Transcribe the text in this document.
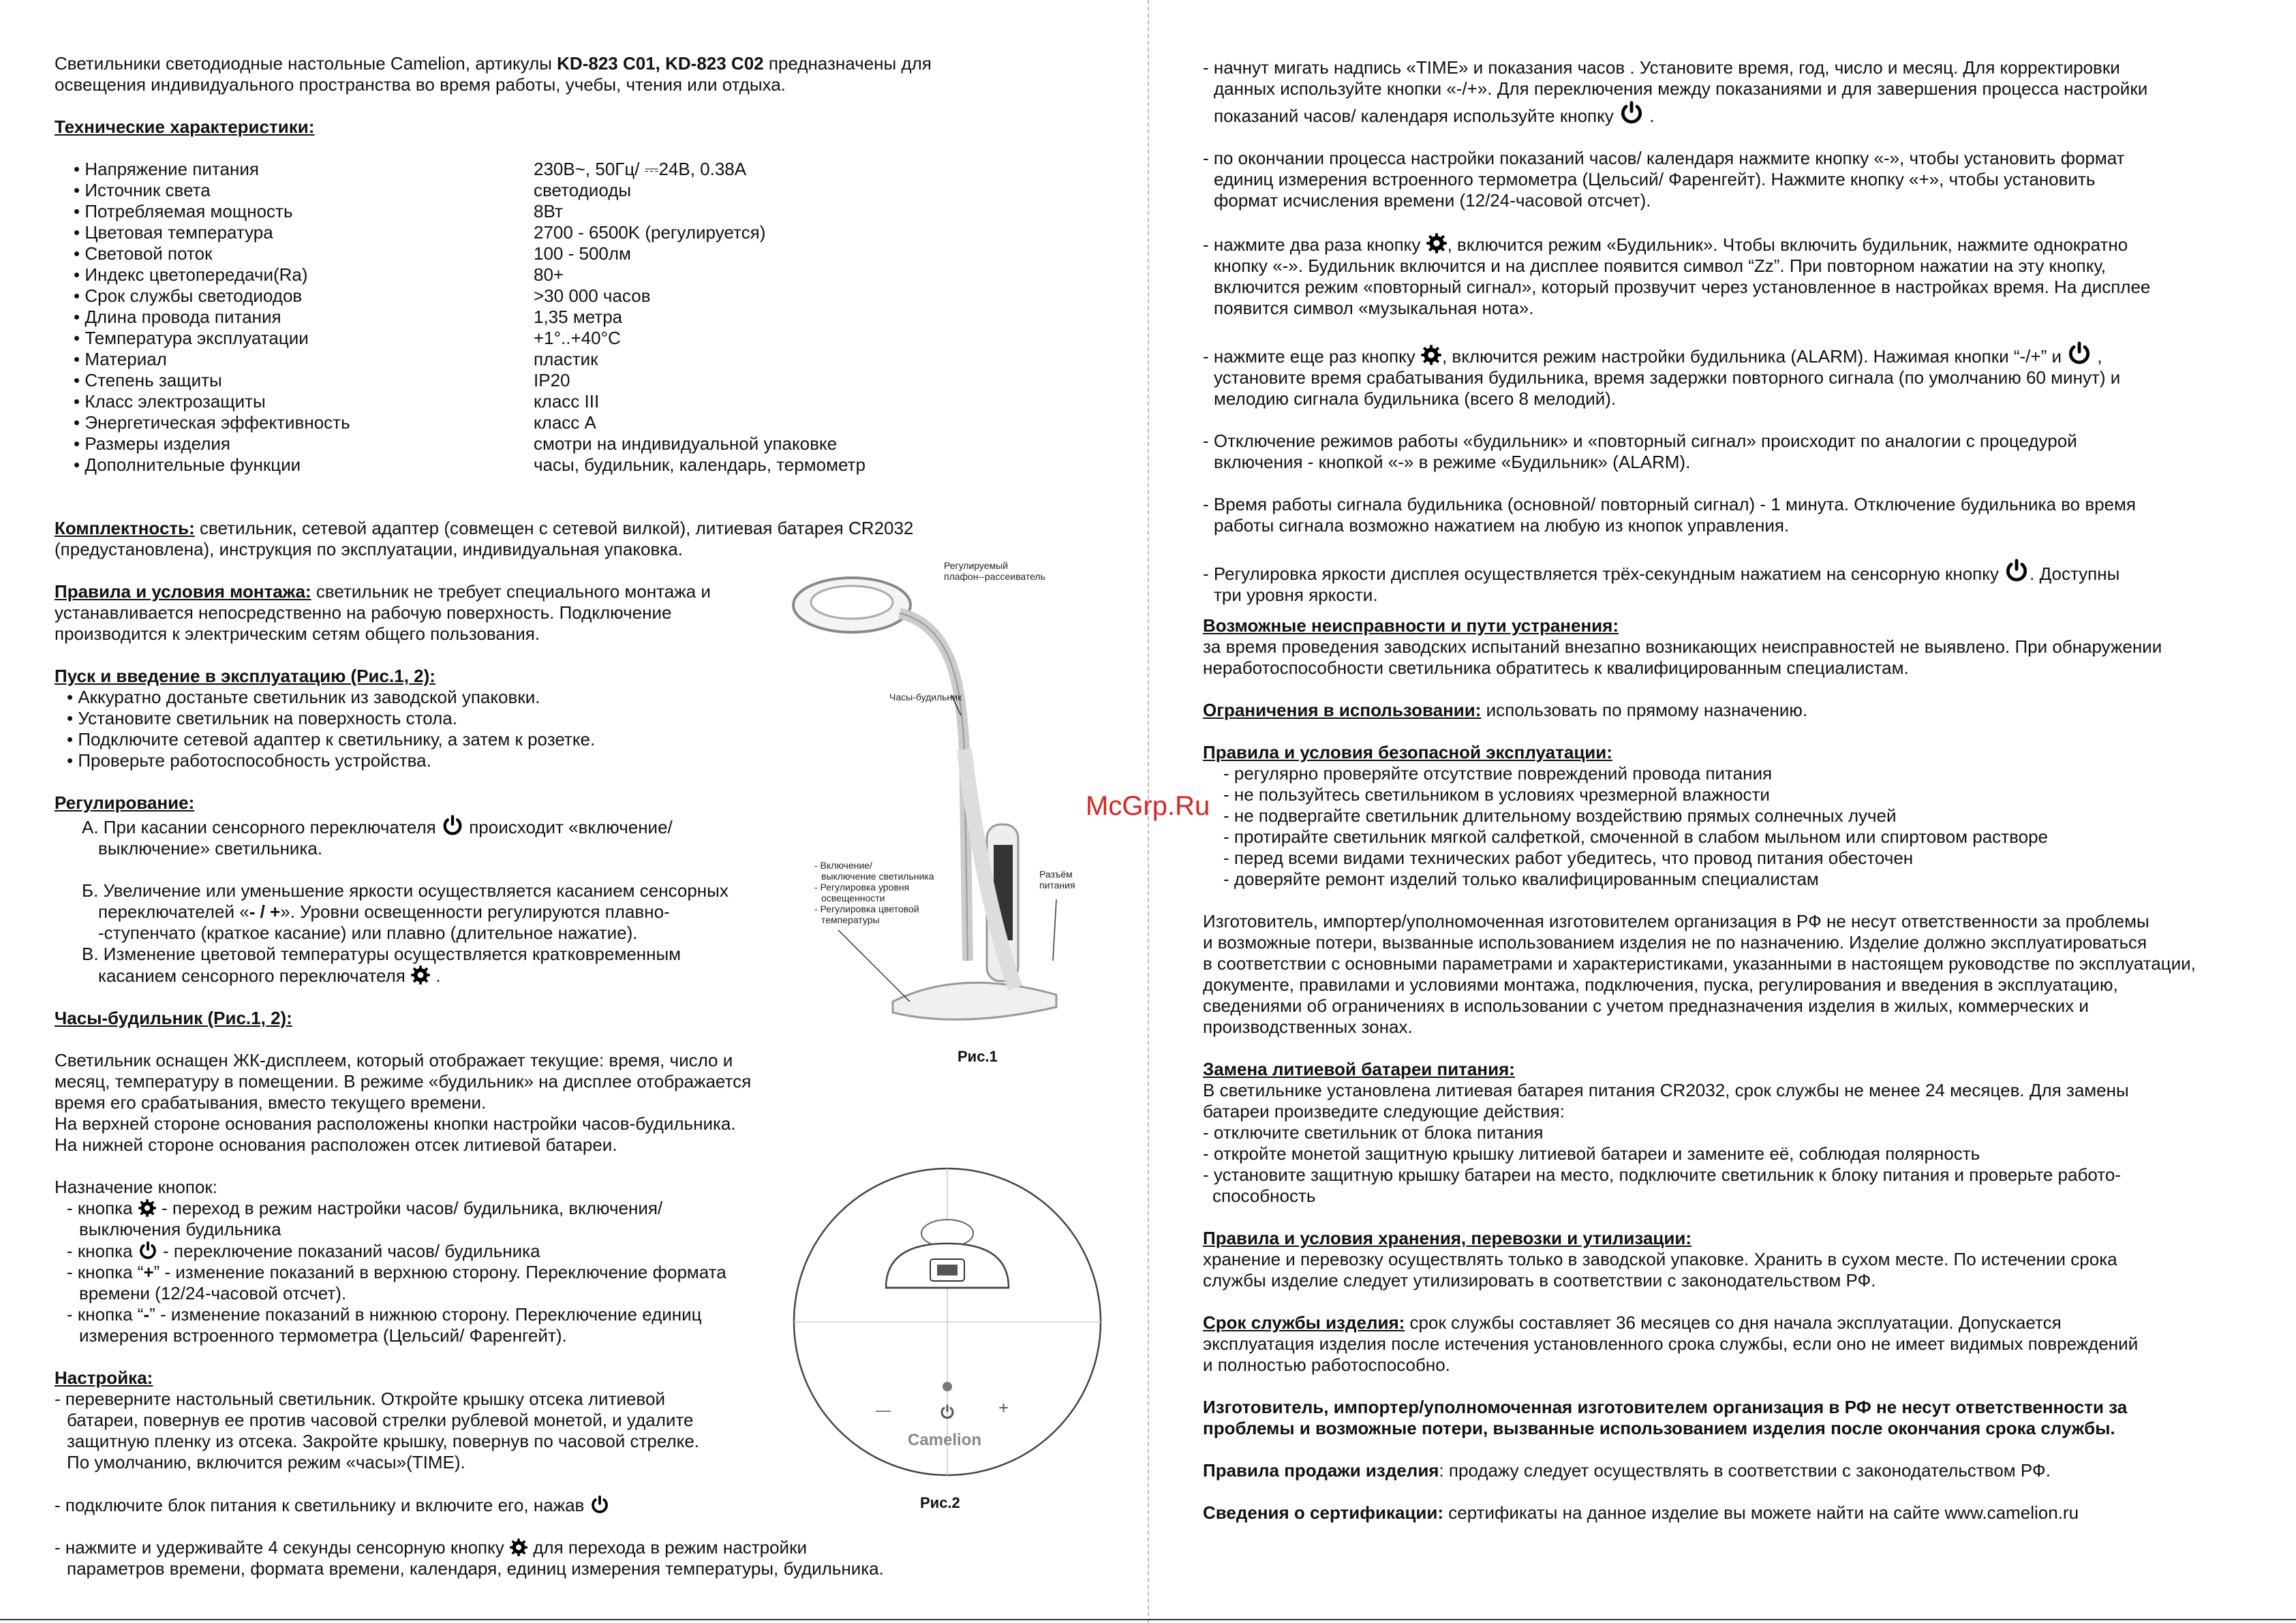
Светильники светодиодные настольные Camelion, артикулы KD-823 C01, KD-823 C02 предназначены для

освещения индивидуального пространства во время работы, учебы, чтения или отдыха.

Технические характеристики:

• Напряжение питания	230В~, 50Гц/ ⎓24В, 0.38А
• Источник света	светодиоды
• Потребляемая мощность	8Вт
• Цветовая температура	2700 - 6500K (регулируется)
• Световой поток	100 - 500лм
• Индекс цветопередачи(Ra)	80+
• Срок службы светодиодов	>30 000 часов
• Длина провода питания	1,35 метра
• Температура эксплуатации	+1°..+40°С
• Материал	пластик
• Степень защиты	IP20
• Класс электрозащиты	класс III
• Энергетическая эффективность	класс А
• Размеры изделия	смотри на индивидуальной упаковке
• Дополнительные функции	часы, будильник, календарь, термометр

Комплектность: светильник, сетевой адаптер (совмещен с сетевой вилкой), литиевая батарея CR2032

(предустановлена), инструкция по эксплуатации, индивидуальная упаковка.

Правила и условия монтажа: светильник не требует специального монтажа и

устанавливается непосредственно на рабочую поверхность. Подключение

производится к электрическим сетям общего пользования.

Пуск и введение в эксплуатацию (Рис.1, 2):

• Аккуратно достаньте светильник из заводской упаковки.

• Установите светильник на поверхность стола.

• Подключите сетевой адаптер к светильнику, а затем к розетке.

• Проверьте работоспособность устройства.

Регулирование:

А. При касании сенсорного переключателя  происходит «включение/

выключение» светильника.

Б. Увеличение или уменьшение яркости осуществляется касанием сенсорных

переключателей «- / +». Уровни освещенности регулируются плавно-

-ступенчато (краткое касание) или плавно (длительное нажатие).

В. Изменение цветовой температуры осуществляется кратковременным

касанием сенсорного переключателя  .

Часы-будильник (Рис.1, 2):

Светильник оснащен ЖК-дисплеем, который отображает текущие: время, число и

месяц, температуру в помещении. В режиме «будильник» на дисплее отображается

время его срабатывания, вместо текущего времени.

На верхней стороне основания расположены кнопки настройки часов-будильника.

На нижней стороне основания расположен отсек литиевой батареи.

Назначение кнопок:

- кнопка  - переход в режим настройки часов/ будильника, включения/

выключения будильника

- кнопка  - переключение показаний часов/ будильника

- кнопка “+” - изменение показаний в верхнюю сторону. Переключение формата

времени (12/24-часовой отсчет).

- кнопка “-” - изменение показаний в нижнюю сторону. Переключение единиц

измерения встроенного термометра (Цельсий/ Фаренгейт).

Настройка:

- переверните настольный светильник. Откройте крышку отсека литиевой

батареи, повернув ее против часовой стрелки рублевой монетой, и удалите

защитную пленку из отсека. Закройте крышку, повернув по часовой стрелке.

По умолчанию, включится режим «часы»(TIME).

- подключите блок питания к светильнику и включите его, нажав

- нажмите и удерживайте 4 секунды сенсорную кнопку  для перехода в режим настройки

параметров времени, формата времени, календаря, единиц измерения температуры, будильника.

Регулируемый
плафон--рассеиватель
Часы-будильник
- Включение/
выключение светильника
- Регулировка уровня
освещенности
- Регулировка цветовой
температуры
Разъём
питания
Рис.1
—	+
Camelion
Рис.2
McGrp.Ru

- начнут мигать надпись «TIME» и показания часов . Установите время, год, число и месяц. Для корректировки

данных используйте кнопки «-/+». Для переключения между показаниями и для завершения процесса настройки

показаний часов/ календаря используйте кнопку  .

- по окончании процесса настройки показаний часов/ календаря нажмите кнопку «-», чтобы установить формат

единиц измерения встроенного термометра (Цельсий/ Фаренгейт). Нажмите кнопку «+», чтобы установить

формат исчисления времени (12/24-часовой отсчет).

- нажмите два раза кнопку , включится режим «Будильник». Чтобы включить будильник, нажмите однократно

кнопку «-». Будильник включится и на дисплее появится символ “Zz”. При повторном нажатии на эту кнопку,

включится режим «повторный сигнал», который прозвучит через установленное в настройках время. На дисплее

появится символ «музыкальная нота».

- нажмите еще раз кнопку , включится режим настройки будильника (ALARM). Нажимая кнопки “-/+” и  ,

установите время срабатывания будильника, время задержки повторного сигнала (по умолчанию 60 минут) и

мелодию сигнала будильника (всего 8 мелодий).

- Отключение режимов работы «будильник» и «повторный сигнал» происходит по аналогии с процедурой

включения - кнопкой «-» в режиме «Будильник» (ALARM).

- Время работы сигнала будильника (основной/ повторный сигнал) - 1 минута. Отключение будильника во время

работы сигнала возможно нажатием на любую из кнопок управления.

- Регулировка яркости дисплея осуществляется трёх-секундным нажатием на сенсорную кнопку . Доступны

три уровня яркости.

Возможные неисправности и пути устранения:

за время проведения заводских испытаний внезапно возникающих неисправностей не выявлено. При обнаружении

неработоспособности светильника обратитесь к квалифицированным специалистам.

Ограничения в использовании: использовать по прямому назначению.

Правила и условия безопасной эксплуатации:

- регулярно проверяйте отсутствие повреждений провода питания

- не пользуйтесь светильником в условиях чрезмерной влажности

- не подвергайте светильник длительному воздействию прямых солнечных лучей

- протирайте светильник мягкой салфеткой, смоченной в слабом мыльном или спиртовом растворе

- перед всеми видами технических работ убедитесь, что провод питания обесточен

- доверяйте ремонт изделий только квалифицированным специалистам

Изготовитель, импортер/уполномоченная изготовителем организация в РФ не несут ответственности за проблемы

и возможные потери, вызванные использованием изделия не по назначению. Изделие должно эксплуатироваться

в соответствии с основными параметрами и характеристиками, указанными в настоящем руководстве по эксплуатации,

документе, правилами и условиями монтажа, подключения, пуска, регулирования и введения в эксплуатацию,

сведениями об ограничениях в использовании с учетом предназначения изделия в жилых, коммерческих и

производственных зонах.

Замена литиевой батареи питания:

В светильнике установлена литиевая батарея питания CR2032, срок службы не менее 24 месяцев. Для замены

батареи произведите следующие действия:

- отключите светильник от блока питания

- откройте монетой защитную крышку литиевой батареи и замените её, соблюдая полярность

- установите защитную крышку батареи на место, подключите светильник к блоку питания и проверьте работо-

способность

Правила и условия хранения, перевозки и утилизации:

хранение и перевозку осуществлять только в заводской упаковке. Хранить в сухом месте. По истечении срока

службы изделие следует утилизировать в соответствии с законодательством РФ.

Срок службы изделия: срок службы составляет 36 месяцев со дня начала эксплуатации. Допускается

эксплуатация изделия после истечения установленного срока службы, если оно не имеет видимых повреждений

и полностью работоспособно.

Изготовитель, импортер/уполномоченная изготовителем организация в РФ не несут ответственности за

проблемы и возможные потери, вызванные использованием изделия после окончания срока службы.

Правила продажи изделия: продажу следует осуществлять в соответствии с законодательством РФ.

Сведения о сертификации: сертификаты на данное изделие вы можете найти на сайте www.camelion.ru
